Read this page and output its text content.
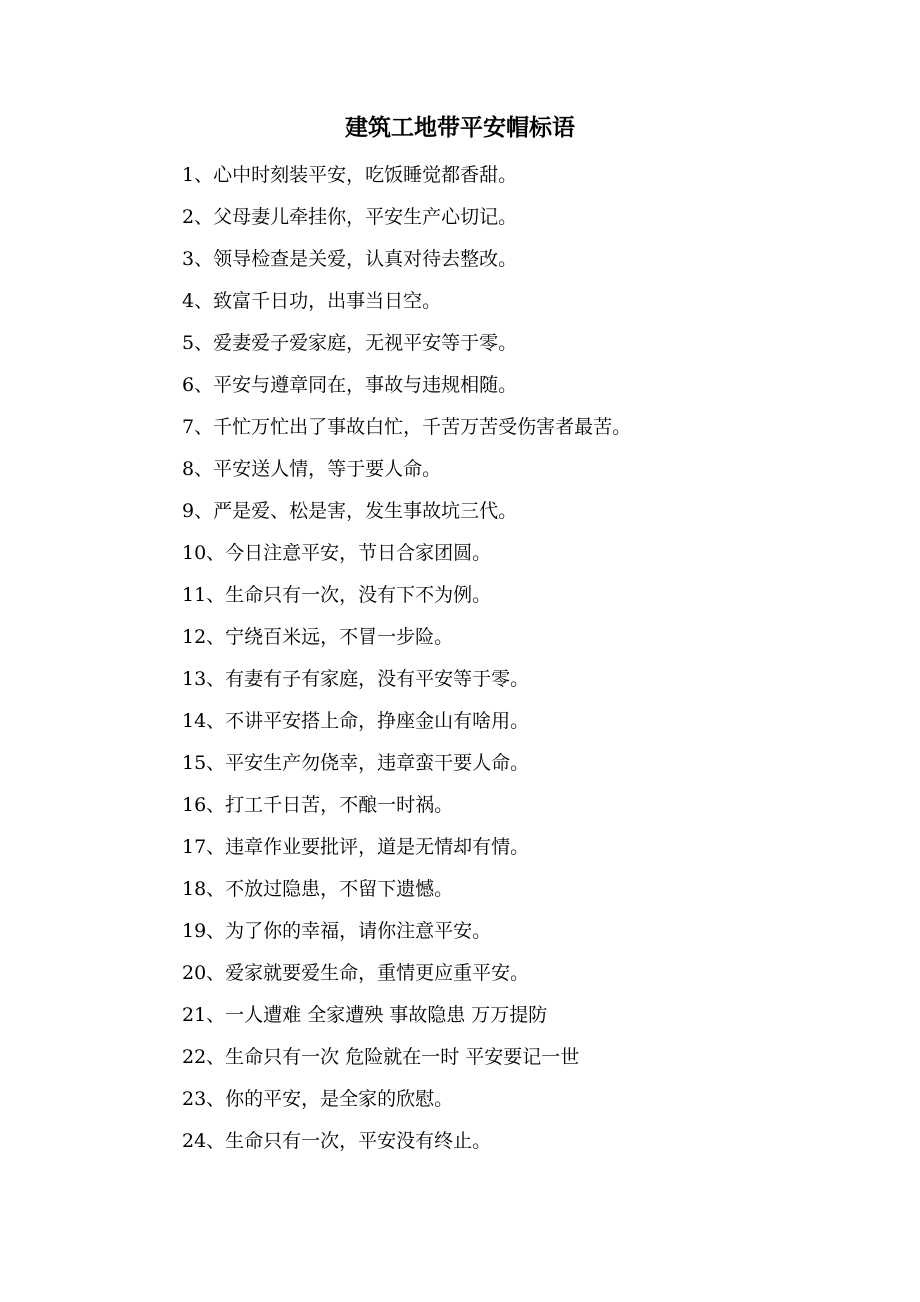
建筑工地带平安帽标语
1、心中时刻装平安，吃饭睡觉都香甜。
2、父母妻儿牵挂你，平安生产心切记。
3、领导检查是关爱，认真对待去整改。
4、致富千日功，出事当日空。
5、爱妻爱子爱家庭，无视平安等于零。
6、平安与遵章同在，事故与违规相随。
7、千忙万忙出了事故白忙，千苦万苦受伤害者最苦。
8、平安送人情，等于要人命。
9、严是爱、松是害，发生事故坑三代。
10、今日注意平安，节日合家团圆。
11、生命只有一次，没有下不为例。
12、宁绕百米远，不冒一步险。
13、有妻有子有家庭，没有平安等于零。
14、不讲平安搭上命，挣座金山有啥用。
15、平安生产勿侥幸，违章蛮干要人命。
16、打工千日苦，不酿一时祸。
17、违章作业要批评，道是无情却有情。
18、不放过隐患，不留下遗憾。
19、为了你的幸福，请你注意平安。
20、爱家就要爱生命，重情更应重平安。
21、一人遭难 全家遭殃 事故隐患 万万提防
22、生命只有一次 危险就在一时 平安要记一世
23、你的平安，是全家的欣慰。
24、生命只有一次，平安没有终止。
